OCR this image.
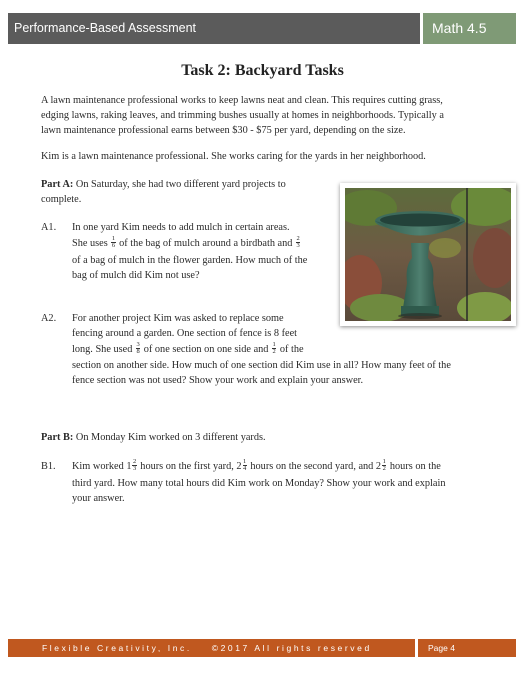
Performance-Based Assessment	Math 4.5
Task 2: Backyard Tasks
A lawn maintenance professional works to keep lawns neat and clean. This requires cutting grass,
edging lawns, raking leaves, and trimming bushes usually at homes in neighborhoods. Typically a
lawn maintenance professional earns between $30 - $75 per yard, depending on the size.
Kim is a lawn maintenance professional. She works caring for the yards in her neighborhood.
Part A: On Saturday, she had two different yard projects to
complete.
A1. In one yard Kim needs to add mulch in certain areas.
She uses $\frac{1}{6}$ of the bag of mulch around a birdbath and $\frac{2}{3}$
of a bag of mulch in the flower garden. How much of the
bag of mulch did Kim not use?
A2. For another project Kim was asked to replace some
fencing around a garden. One section of fence is 8 feet
long. She used $\frac{3}{8}$ of one section on one side and $\frac{1}{2}$ of the
section on another side. How much of one section did Kim use in all? How many feet of the
fence section was not used? Show your work and explain your answer.
Part B: On Monday Kim worked on 3 different yards.
B1. Kim worked $1 \frac{2}{3}$ hours on the first yard, $2 \frac{1}{4}$ hours on the second yard, and $2 \frac{1}{2}$ hours on the
third yard. How many total hours did Kim work on Monday? Show your work and explain
your answer.
Flexible Creativity, Inc.    ©2017 All rights reserved	Page 4
